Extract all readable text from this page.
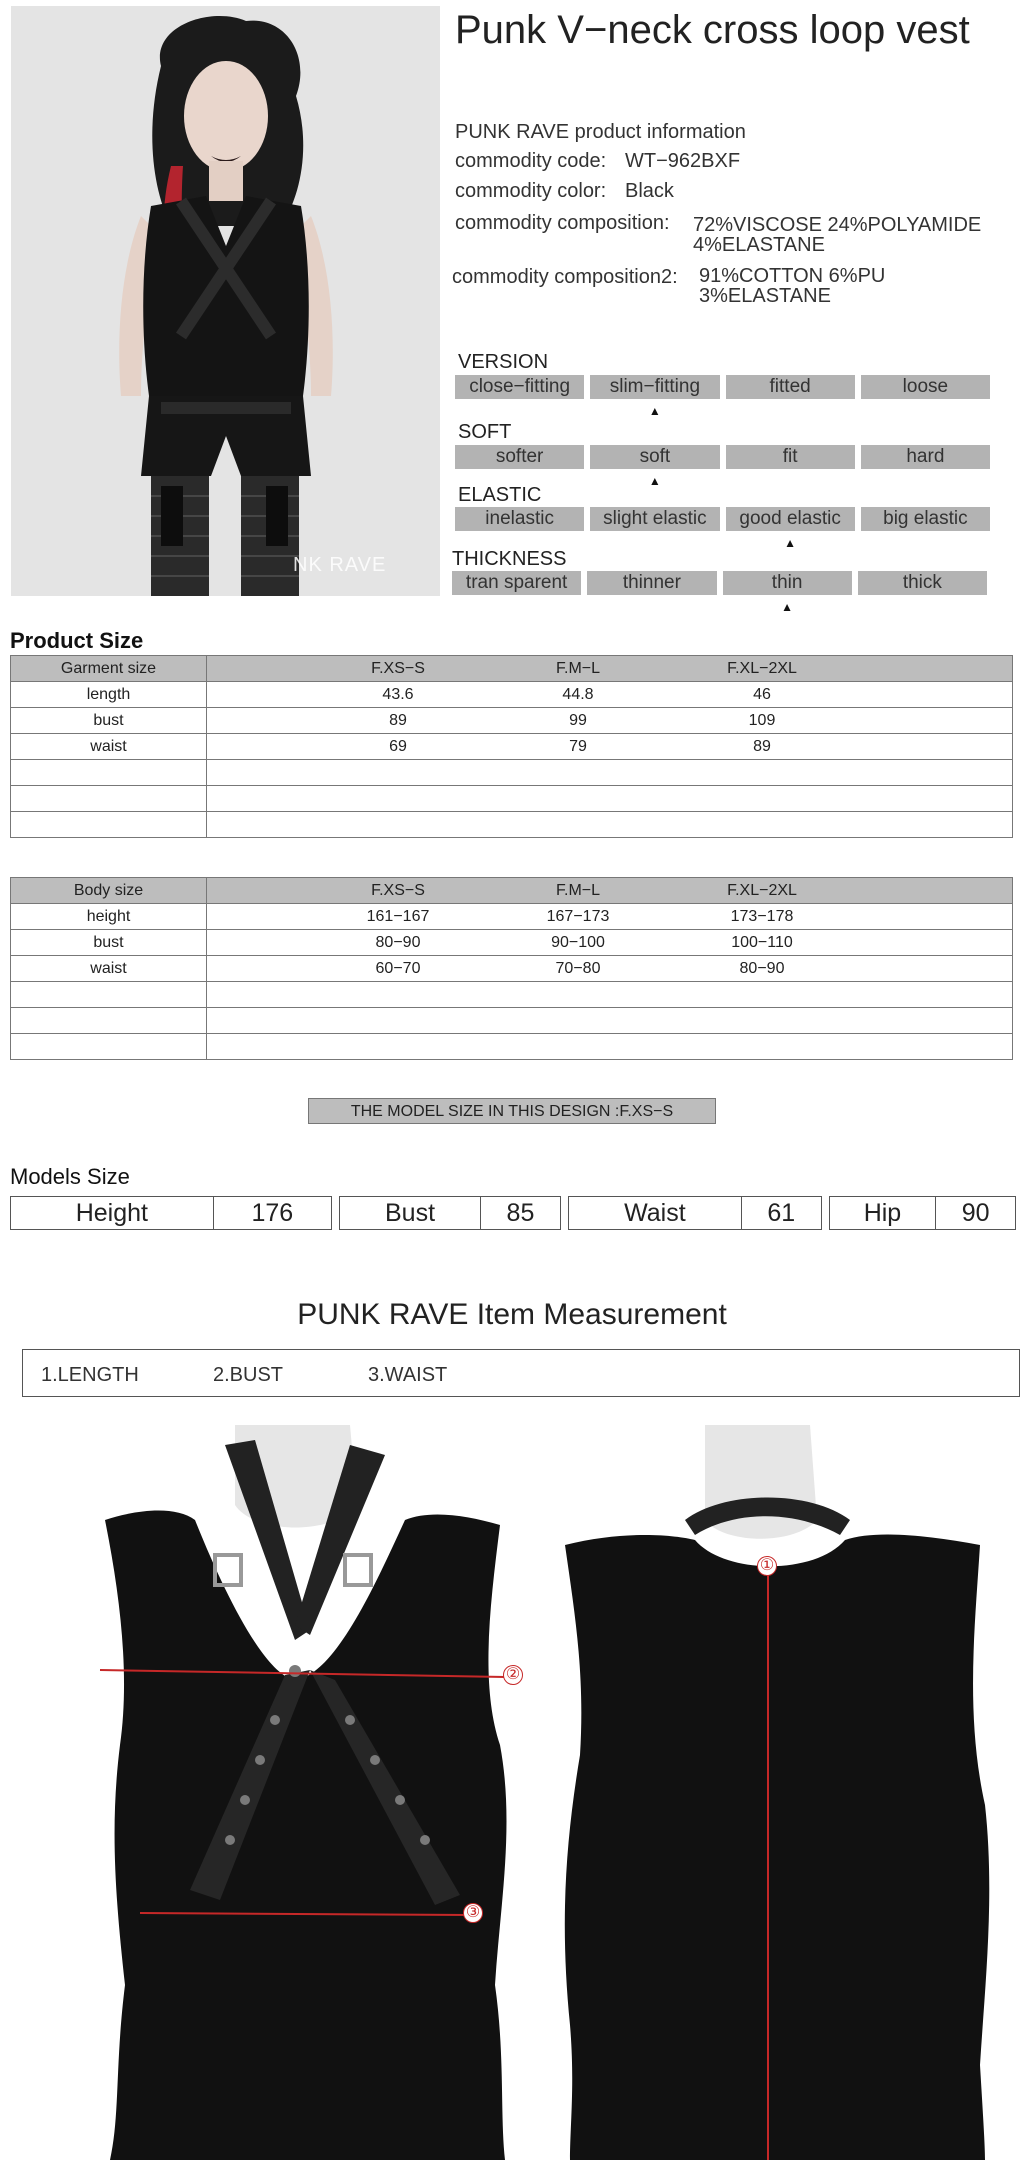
NK RAVE
Punk V−neck cross loop vest
PUNK RAVE product information
commodity code: WT−962BXF
commodity color: Black
commodity composition: 72%VISCOSE 24%POLYAMIDE
4%ELASTANE
commodity composition2: 91%COTTON 6%PU
3%ELASTANE
VERSION
close−fitting	slim−fitting ▲	fitted	loose
SOFT
softer	soft ▲	fit	hard
ELASTIC
inelastic	slight elastic	good elastic ▲	big elastic
THICKNESS
tran sparent	thinner	thin ▲	thick
Product Size
Garment size	F.XS−S F.M−L F.XL−2XL

length	43.6 44.8 46

bust	89 99 109

waist	69 79 89

Body size	F.XS−S F.M−L F.XL−2XL

height	161−167 167−173 173−178

bust	80−90 90−100 100−110

waist	60−70 70−80 80−90

THE MODEL SIZE IN THIS DESIGN :F.XS−S
Models Size
Height	176		Bust	85		Waist	61		Hip	90
PUNK RAVE Item Measurement
1.LENGTH	2.BUST	3.WAIST
②
③
①
